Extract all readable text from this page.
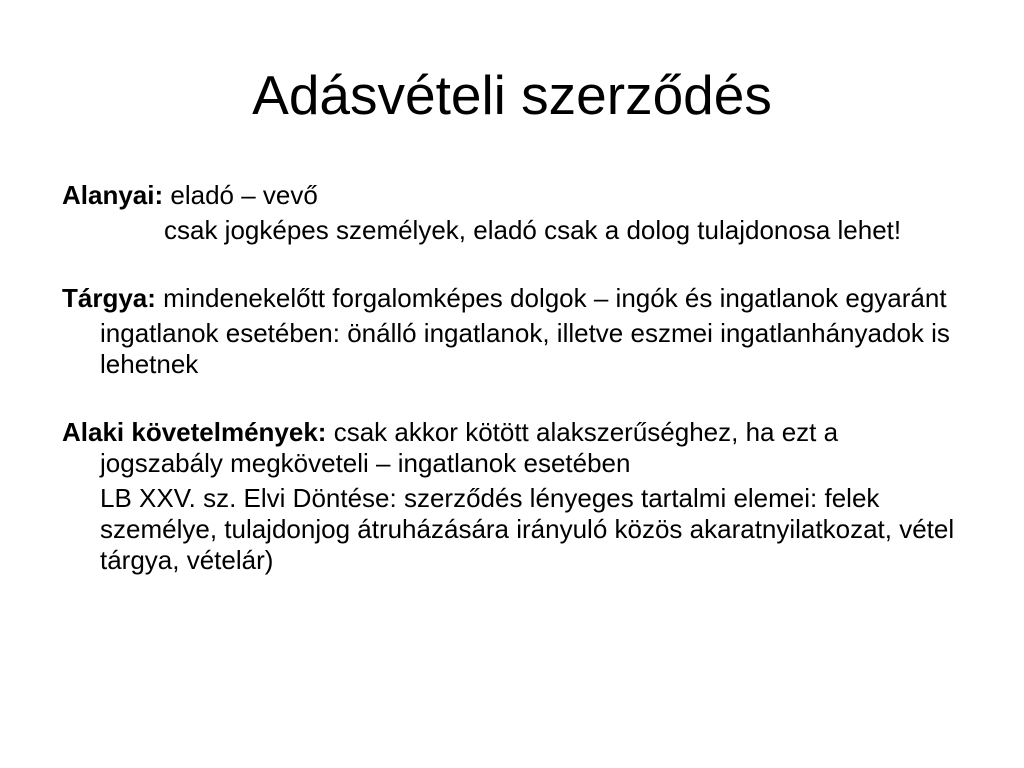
Adásvételi szerződés

Alanyai: eladó – vevő

csak jogképes személyek, eladó csak a dolog tulajdonosa lehet!

Tárgya: mindenekelőtt forgalomképes dolgok – ingók és ingatlanok egyaránt

ingatlanok esetében: önálló ingatlanok, illetve eszmei ingatlanhányadok is lehetnek

Alaki követelmények: csak akkor kötött alakszerűséghez, ha ezt a jogszabály megköveteli – ingatlanok esetében

LB XXV. sz. Elvi Döntése: szerződés lényeges tartalmi elemei: felek személye, tulajdonjog átruházására irányuló közös akaratnyilatkozat, vétel tárgya, vételár)
